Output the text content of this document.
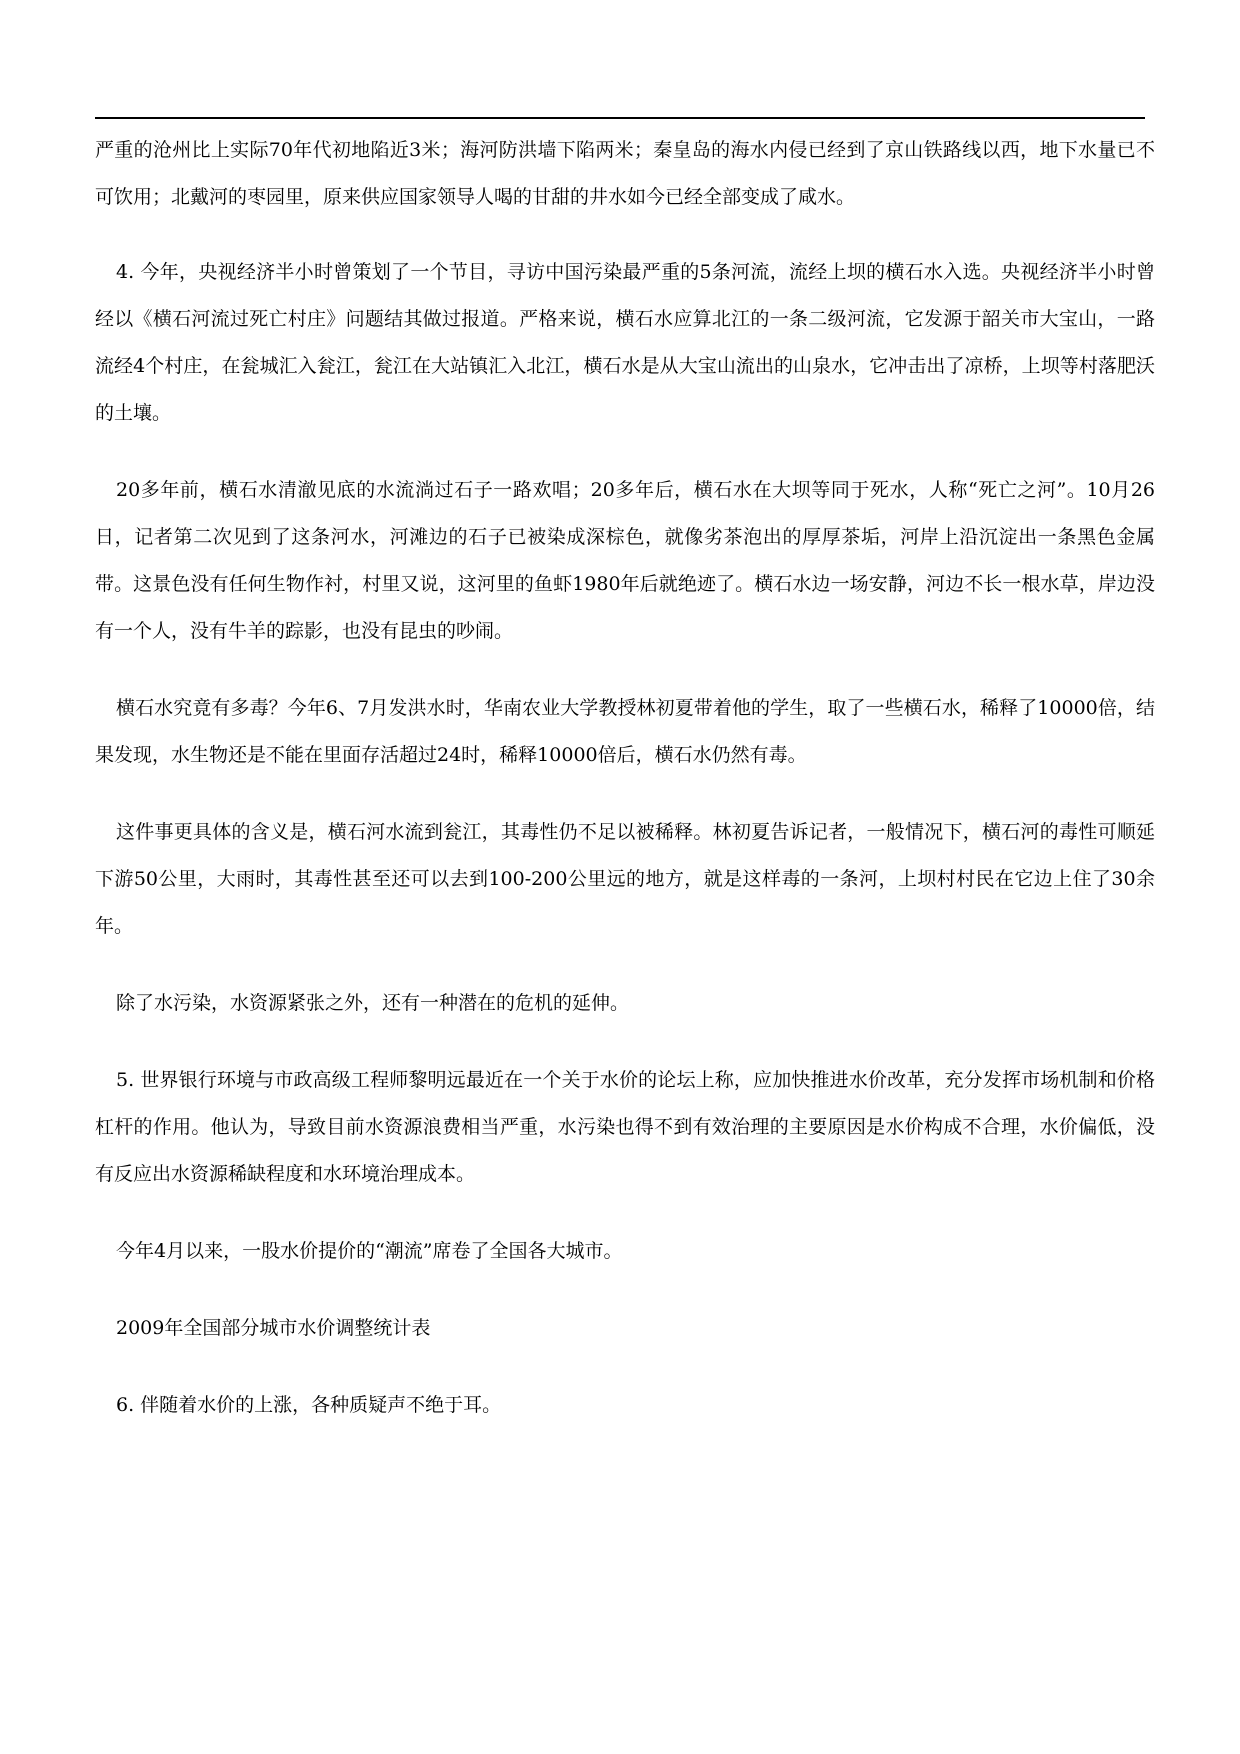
严重的沧州比上实际70年代初地陷近3米；海河防洪墙下陷两米；秦皇岛的海水内侵已经到了京山铁路线以西，地下水量已不可饮用；北戴河的枣园里，原来供应国家领导人喝的甘甜的井水如今已经全部变成了咸水。

4. 今年，央视经济半小时曾策划了一个节目，寻访中国污染最严重的5条河流，流经上坝的横石水入选。央视经济半小时曾经以《横石河流过死亡村庄》问题结其做过报道。严格来说，横石水应算北江的一条二级河流，它发源于韶关市大宝山，一路流经4个村庄，在瓮城汇入瓮江，瓮江在大站镇汇入北江，横石水是从大宝山流出的山泉水，它冲击出了凉桥，上坝等村落肥沃的土壤。

20多年前，横石水清澈见底的水流淌过石子一路欢唱；20多年后，横石水在大坝等同于死水，人称“死亡之河”。10月26日，记者第二次见到了这条河水，河滩边的石子已被染成深棕色，就像劣茶泡出的厚厚茶垢，河岸上沿沉淀出一条黑色金属带。这景色没有任何生物作衬，村里又说，这河里的鱼虾1980年后就绝迹了。横石水边一场安静，河边不长一根水草，岸边没有一个人，没有牛羊的踪影，也没有昆虫的吵闹。

横石水究竟有多毒？今年6、7月发洪水时，华南农业大学教授林初夏带着他的学生，取了一些横石水，稀释了10000倍，结果发现，水生物还是不能在里面存活超过24时，稀释10000倍后，横石水仍然有毒。

这件事更具体的含义是，横石河水流到瓮江，其毒性仍不足以被稀释。林初夏告诉记者，一般情况下，横石河的毒性可顺延下游50公里，大雨时，其毒性甚至还可以去到100-200公里远的地方，就是这样毒的一条河，上坝村村民在它边上住了30余年。

除了水污染，水资源紧张之外，还有一种潜在的危机的延伸。

5. 世界银行环境与市政高级工程师黎明远最近在一个关于水价的论坛上称，应加快推进水价改革，充分发挥市场机制和价格杠杆的作用。他认为，导致目前水资源浪费相当严重，水污染也得不到有效治理的主要原因是水价构成不合理，水价偏低，没有反应出水资源稀缺程度和水环境治理成本。

今年4月以来，一股水价提价的“潮流”席卷了全国各大城市。

2009年全国部分城市水价调整统计表

6. 伴随着水价的上涨，各种质疑声不绝于耳。
